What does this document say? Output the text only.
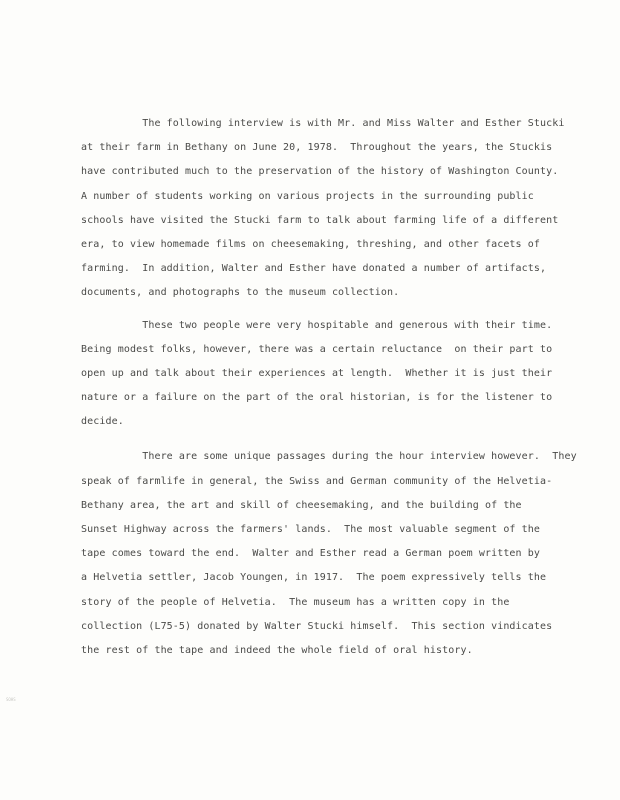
The following interview is with Mr. and Miss Walter and Esther Stucki
at their farm in Bethany on June 20, 1978.  Throughout the years, the Stuckis
have contributed much to the preservation of the history of Washington County.
A number of students working on various projects in the surrounding public
schools have visited the Stucki farm to talk about farming life of a different
era, to view homemade films on cheesemaking, threshing, and other facets of
farming.  In addition, Walter and Esther have donated a number of artifacts,
documents, and photographs to the museum collection.
These two people were very hospitable and generous with their time.
Being modest folks, however, there was a certain reluctance  on their part to
open up and talk about their experiences at length.  Whether it is just their
nature or a failure on the part of the oral historian, is for the listener to
decide.
There are some unique passages during the hour interview however.  They
speak of farmlife in general, the Swiss and German community of the Helvetia-
Bethany area, the art and skill of cheesemaking, and the building of the
Sunset Highway across the farmers' lands.  The most valuable segment of the
tape comes toward the end.  Walter and Esther read a German poem written by
a Helvetia settler, Jacob Youngen, in 1917.  The poem expressively tells the
story of the people of Helvetia.  The museum has a written copy in the
collection (L75-5) donated by Walter Stucki himself.  This section vindicates
the rest of the tape and indeed the whole field of oral history.
SOHS
